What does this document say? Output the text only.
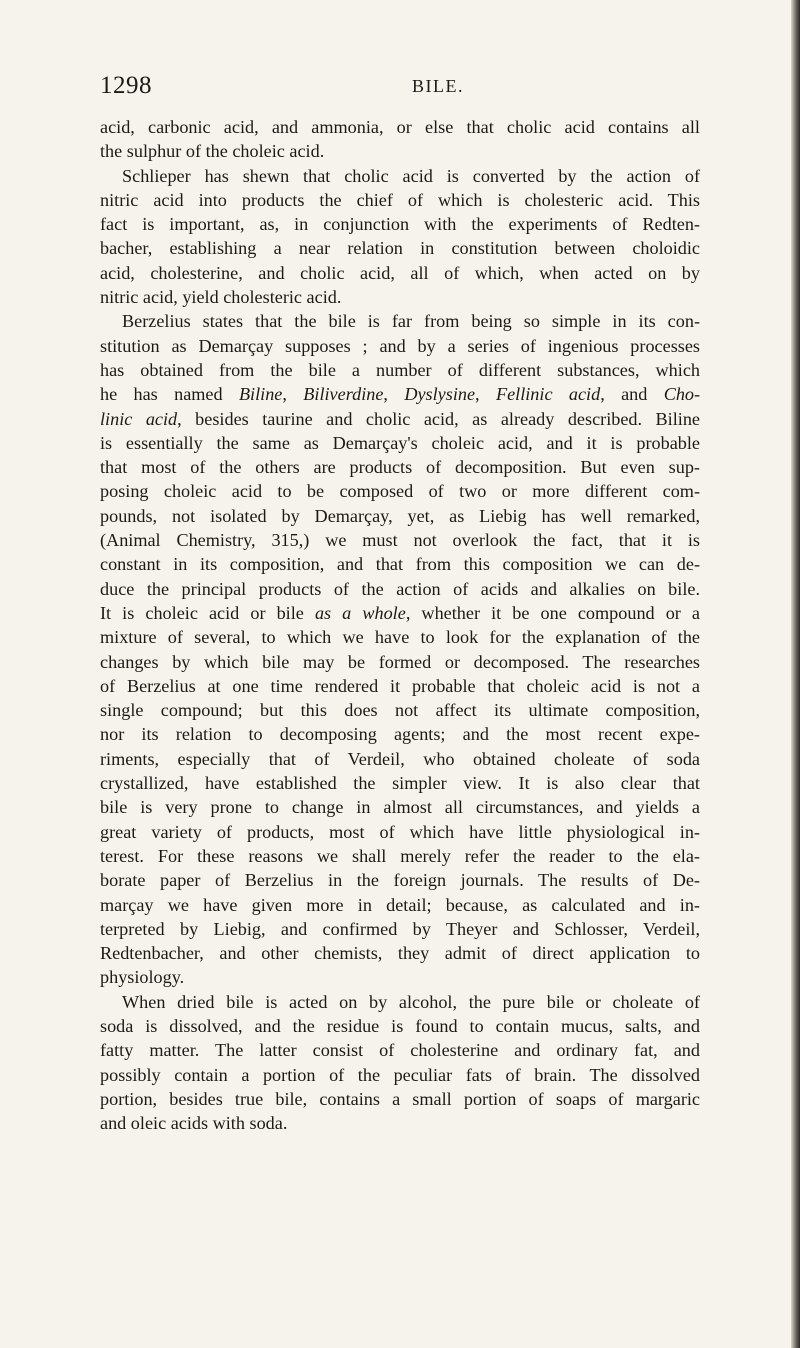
1298	BILE.
acid, carbonic acid, and ammonia, or else that cholic acid contains all
the sulphur of the choleic acid.
Schlieper has shewn that cholic acid is converted by the action of
nitric acid into products the chief of which is cholesteric acid. This
fact is important, as, in conjunction with the experiments of Redten-
bacher, establishing a near relation in constitution between choloidic
acid, cholesterine, and cholic acid, all of which, when acted on by
nitric acid, yield cholesteric acid.
Berzelius states that the bile is far from being so simple in its con-
stitution as Demarçay supposes ; and by a series of ingenious processes
has obtained from the bile a number of different substances, which
he has named Biline, Biliverdine, Dyslysine, Fellinic acid, and Cho-
linic acid, besides taurine and cholic acid, as already described. Biline
is essentially the same as Demarçay's choleic acid, and it is probable
that most of the others are products of decomposition. But even sup-
posing choleic acid to be composed of two or more different com-
pounds, not isolated by Demarçay, yet, as Liebig has well remarked,
(Animal Chemistry, 315,) we must not overlook the fact, that it is
constant in its composition, and that from this composition we can de-
duce the principal products of the action of acids and alkalies on bile.
It is choleic acid or bile as a whole, whether it be one compound or a
mixture of several, to which we have to look for the explanation of the
changes by which bile may be formed or decomposed. The researches
of Berzelius at one time rendered it probable that choleic acid is not a
single compound; but this does not affect its ultimate composition,
nor its relation to decomposing agents; and the most recent expe-
riments, especially that of Verdeil, who obtained choleate of soda
crystallized, have established the simpler view. It is also clear that
bile is very prone to change in almost all circumstances, and yields a
great variety of products, most of which have little physiological in-
terest. For these reasons we shall merely refer the reader to the ela-
borate paper of Berzelius in the foreign journals. The results of De-
marçay we have given more in detail; because, as calculated and in-
terpreted by Liebig, and confirmed by Theyer and Schlosser, Verdeil,
Redtenbacher, and other chemists, they admit of direct application to
physiology.
When dried bile is acted on by alcohol, the pure bile or choleate of
soda is dissolved, and the residue is found to contain mucus, salts, and
fatty matter. The latter consist of cholesterine and ordinary fat, and
possibly contain a portion of the peculiar fats of brain. The dissolved
portion, besides true bile, contains a small portion of soaps of margaric
and oleic acids with soda.
